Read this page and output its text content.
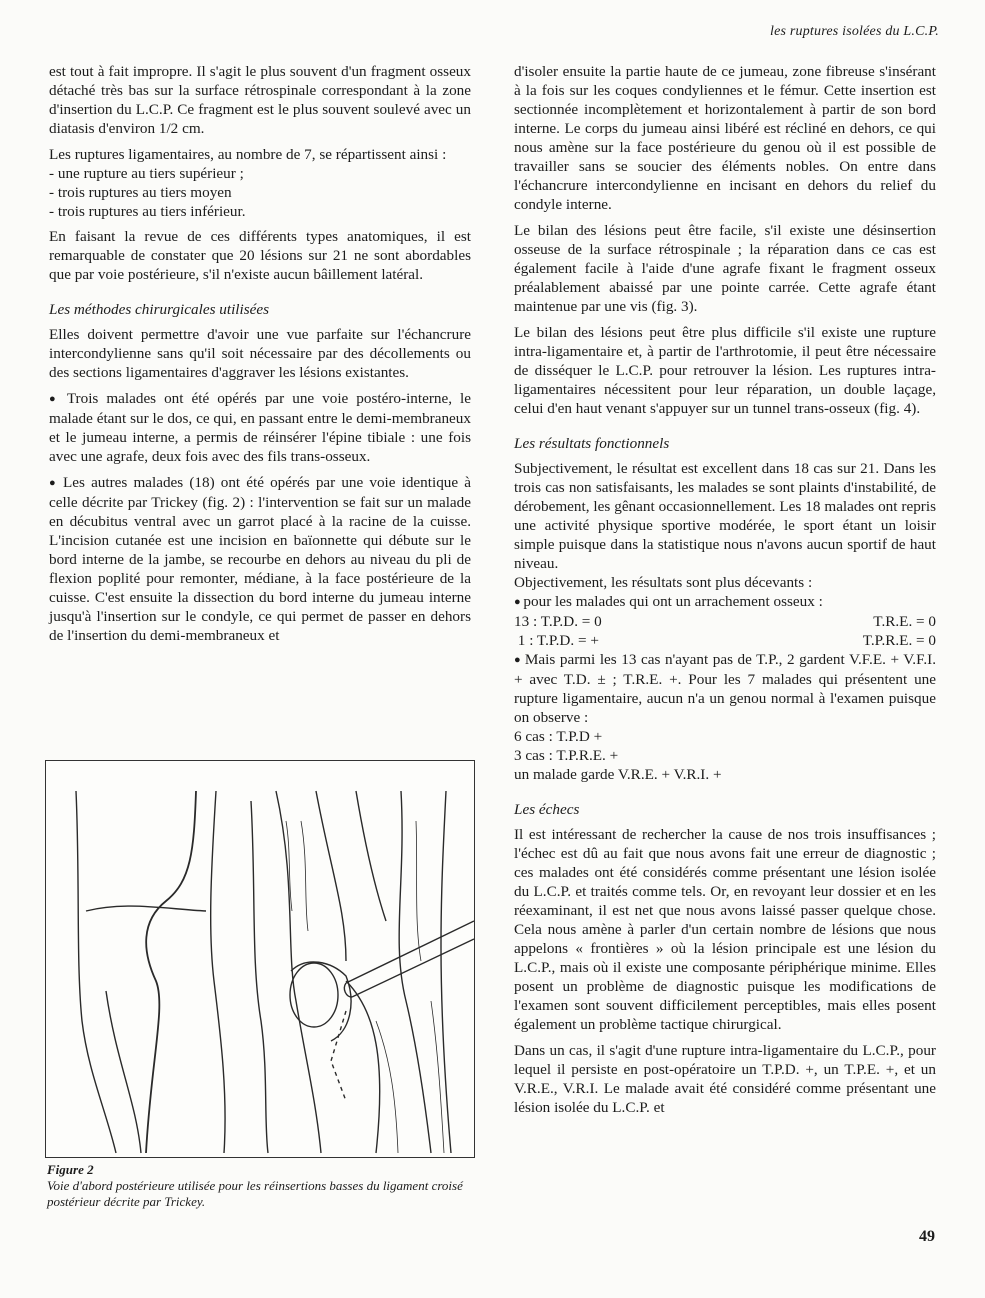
les ruptures isolées du L.C.P.

est tout à fait impropre. Il s'agit le plus souvent d'un fragment osseux détaché très bas sur la surface rétrospinale correspondant à la zone d'insertion du L.C.P. Ce fragment est le plus souvent soulevé avec un diatasis d'environ 1/2 cm.

Les ruptures ligamentaires, au nombre de 7, se répartissent ainsi :

- une rupture au tiers supérieur ;
- trois ruptures au tiers moyen
- trois ruptures au tiers inférieur.

En faisant la revue de ces différents types anatomiques, il est remarquable de constater que 20 lésions sur 21 ne sont abordables que par voie postérieure, s'il n'existe aucun bâillement latéral.

Les méthodes chirurgicales utilisées

Elles doivent permettre d'avoir une vue parfaite sur l'échancrure intercondylienne sans qu'il soit nécessaire par des décollements ou des sections ligamentaires d'aggraver les lésions existantes.

● Trois malades ont été opérés par une voie postéro-interne, le malade étant sur le dos, ce qui, en passant entre le demi-membraneux et le jumeau interne, a permis de réinsérer l'épine tibiale : une fois avec une agrafe, deux fois avec des fils trans-osseux.

● Les autres malades (18) ont été opérés par une voie identique à celle décrite par Trickey (fig. 2) : l'intervention se fait sur un malade en décubitus ventral avec un garrot placé à la racine de la cuisse. L'incision cutanée est une incision en baïonnette qui débute sur le bord interne de la jambe, se recourbe en dehors au niveau du pli de flexion poplité pour remonter, médiane, à la face postérieure de la cuisse. C'est ensuite la dissection du bord interne du jumeau interne jusqu'à l'insertion sur le condyle, ce qui permet de passer en dehors de l'insertion du demi-membraneux et

Figure 2
Voie d'abord postérieure utilisée pour les réinsertions basses du ligament croisé postérieur décrite par Trickey.

d'isoler ensuite la partie haute de ce jumeau, zone fibreuse s'insérant à la fois sur les coques condyliennes et le fémur. Cette insertion est sectionnée incomplètement et horizontalement à partir de son bord interne. Le corps du jumeau ainsi libéré est récliné en dehors, ce qui nous amène sur la face postérieure du genou où il est possible de travailler sans se soucier des éléments nobles. On entre dans l'échancrure intercondylienne en incisant en dehors du relief du condyle interne.

Le bilan des lésions peut être facile, s'il existe une désinsertion osseuse de la surface rétrospinale ; la réparation dans ce cas est également facile à l'aide d'une agrafe fixant le fragment osseux préalablement abaissé par une pointe carrée. Cette agrafe étant maintenue par une vis (fig. 3).

Le bilan des lésions peut être plus difficile s'il existe une rupture intra-ligamentaire et, à partir de l'arthrotomie, il peut être nécessaire de disséquer le L.C.P. pour retrouver la lésion. Les ruptures intra-ligamentaires nécessitent pour leur réparation, un double laçage, celui d'en haut venant s'appuyer sur un tunnel trans-osseux (fig. 4).

Les résultats fonctionnels

Subjectivement, le résultat est excellent dans 18 cas sur 21. Dans les trois cas non satisfaisants, les malades se sont plaints d'instabilité, de dérobement, les gênant occasionnellement. Les 18 malades ont repris une activité physique sportive modérée, le sport étant un loisir simple puisque dans la statistique nous n'avons aucun sportif de haut niveau.

Objectivement, les résultats sont plus décevants :

● pour les malades qui ont un arrachement osseux :

13 : T.P.D. = 0	T.R.E. = 0
1 : T.P.D. = +	T.P.R.E. = 0

● Mais parmi les 13 cas n'ayant pas de T.P., 2 gardent V.F.E. + V.F.I. + avec T.D. ± ; T.R.E. +. Pour les 7 malades qui présentent une rupture ligamentaire, aucun n'a un genou normal à l'examen puisque on observe :

6 cas : T.P.D +
3 cas : T.P.R.E. +
un malade garde V.R.E. + V.R.I. +

Les échecs

Il est intéressant de rechercher la cause de nos trois insuffisances ; l'échec est dû au fait que nous avons fait une erreur de diagnostic ; ces malades ont été considérés comme présentant une lésion isolée du L.C.P. et traités comme tels. Or, en revoyant leur dossier et en les réexaminant, il est net que nous avons laissé passer quelque chose. Cela nous amène à parler d'un certain nombre de lésions que nous appelons « frontières » où la lésion principale est une lésion du L.C.P., mais où il existe une composante périphérique minime. Elles posent un problème de diagnostic puisque les modifications de l'examen sont souvent difficilement perceptibles, mais elles posent également un problème tactique chirurgical.

Dans un cas, il s'agit d'une rupture intra-ligamentaire du L.C.P., pour lequel il persiste en post-opératoire un T.P.D. +, un T.P.E. +, et un V.R.E., V.R.I. Le malade avait été considéré comme présentant une lésion isolée du L.C.P. et

49
